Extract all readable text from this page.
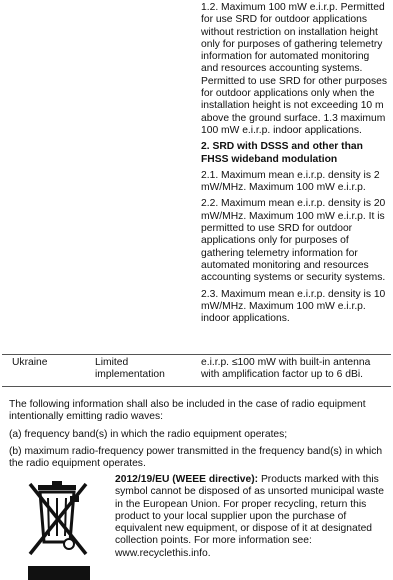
1.2. Maximum 100 mW e.i.r.p. Permitted for use SRD for outdoor applications without restriction on installation height only for purposes of gathering telemetry information for automated monitoring and resources accounting systems. Permitted to use SRD for other purposes for outdoor applications only when the installation height is not exceeding 10 m above the ground surface. 1.3 maximum 100 mW e.i.r.p. indoor applications.

2. SRD with DSSS and other than FHSS wideband modulation

2.1. Maximum mean e.i.r.p. density is 2 mW/MHz. Maximum 100 mW e.i.r.p.

2.2. Maximum mean e.i.r.p. density is 20 mW/MHz. Maximum 100 mW e.i.r.p. It is permitted to use SRD for outdoor applications only for purposes of gathering telemetry information for automated monitoring and resources accounting systems or security systems.

2.3. Maximum mean e.i.r.p. density is 10 mW/MHz. Maximum 100 mW e.i.r.p. indoor applications.

Ukraine	Limited implementation
e.i.r.p. ≤100 mW with built-in antenna with amplification factor up to 6 dBi.

The following information shall also be included in the case of radio equipment intentionally emitting radio waves:

(a) frequency band(s) in which the radio equipment operates;

(b) maximum radio-frequency power transmitted in the frequency band(s) in which the radio equipment operates.

2012/19/EU (WEEE directive): Products marked with this symbol cannot be disposed of as unsorted municipal waste in the European Union. For proper recycling, return this product to your local supplier upon the purchase of equivalent new equipment, or dispose of it at designated collection points. For more information see: www.recyclethis.info.
